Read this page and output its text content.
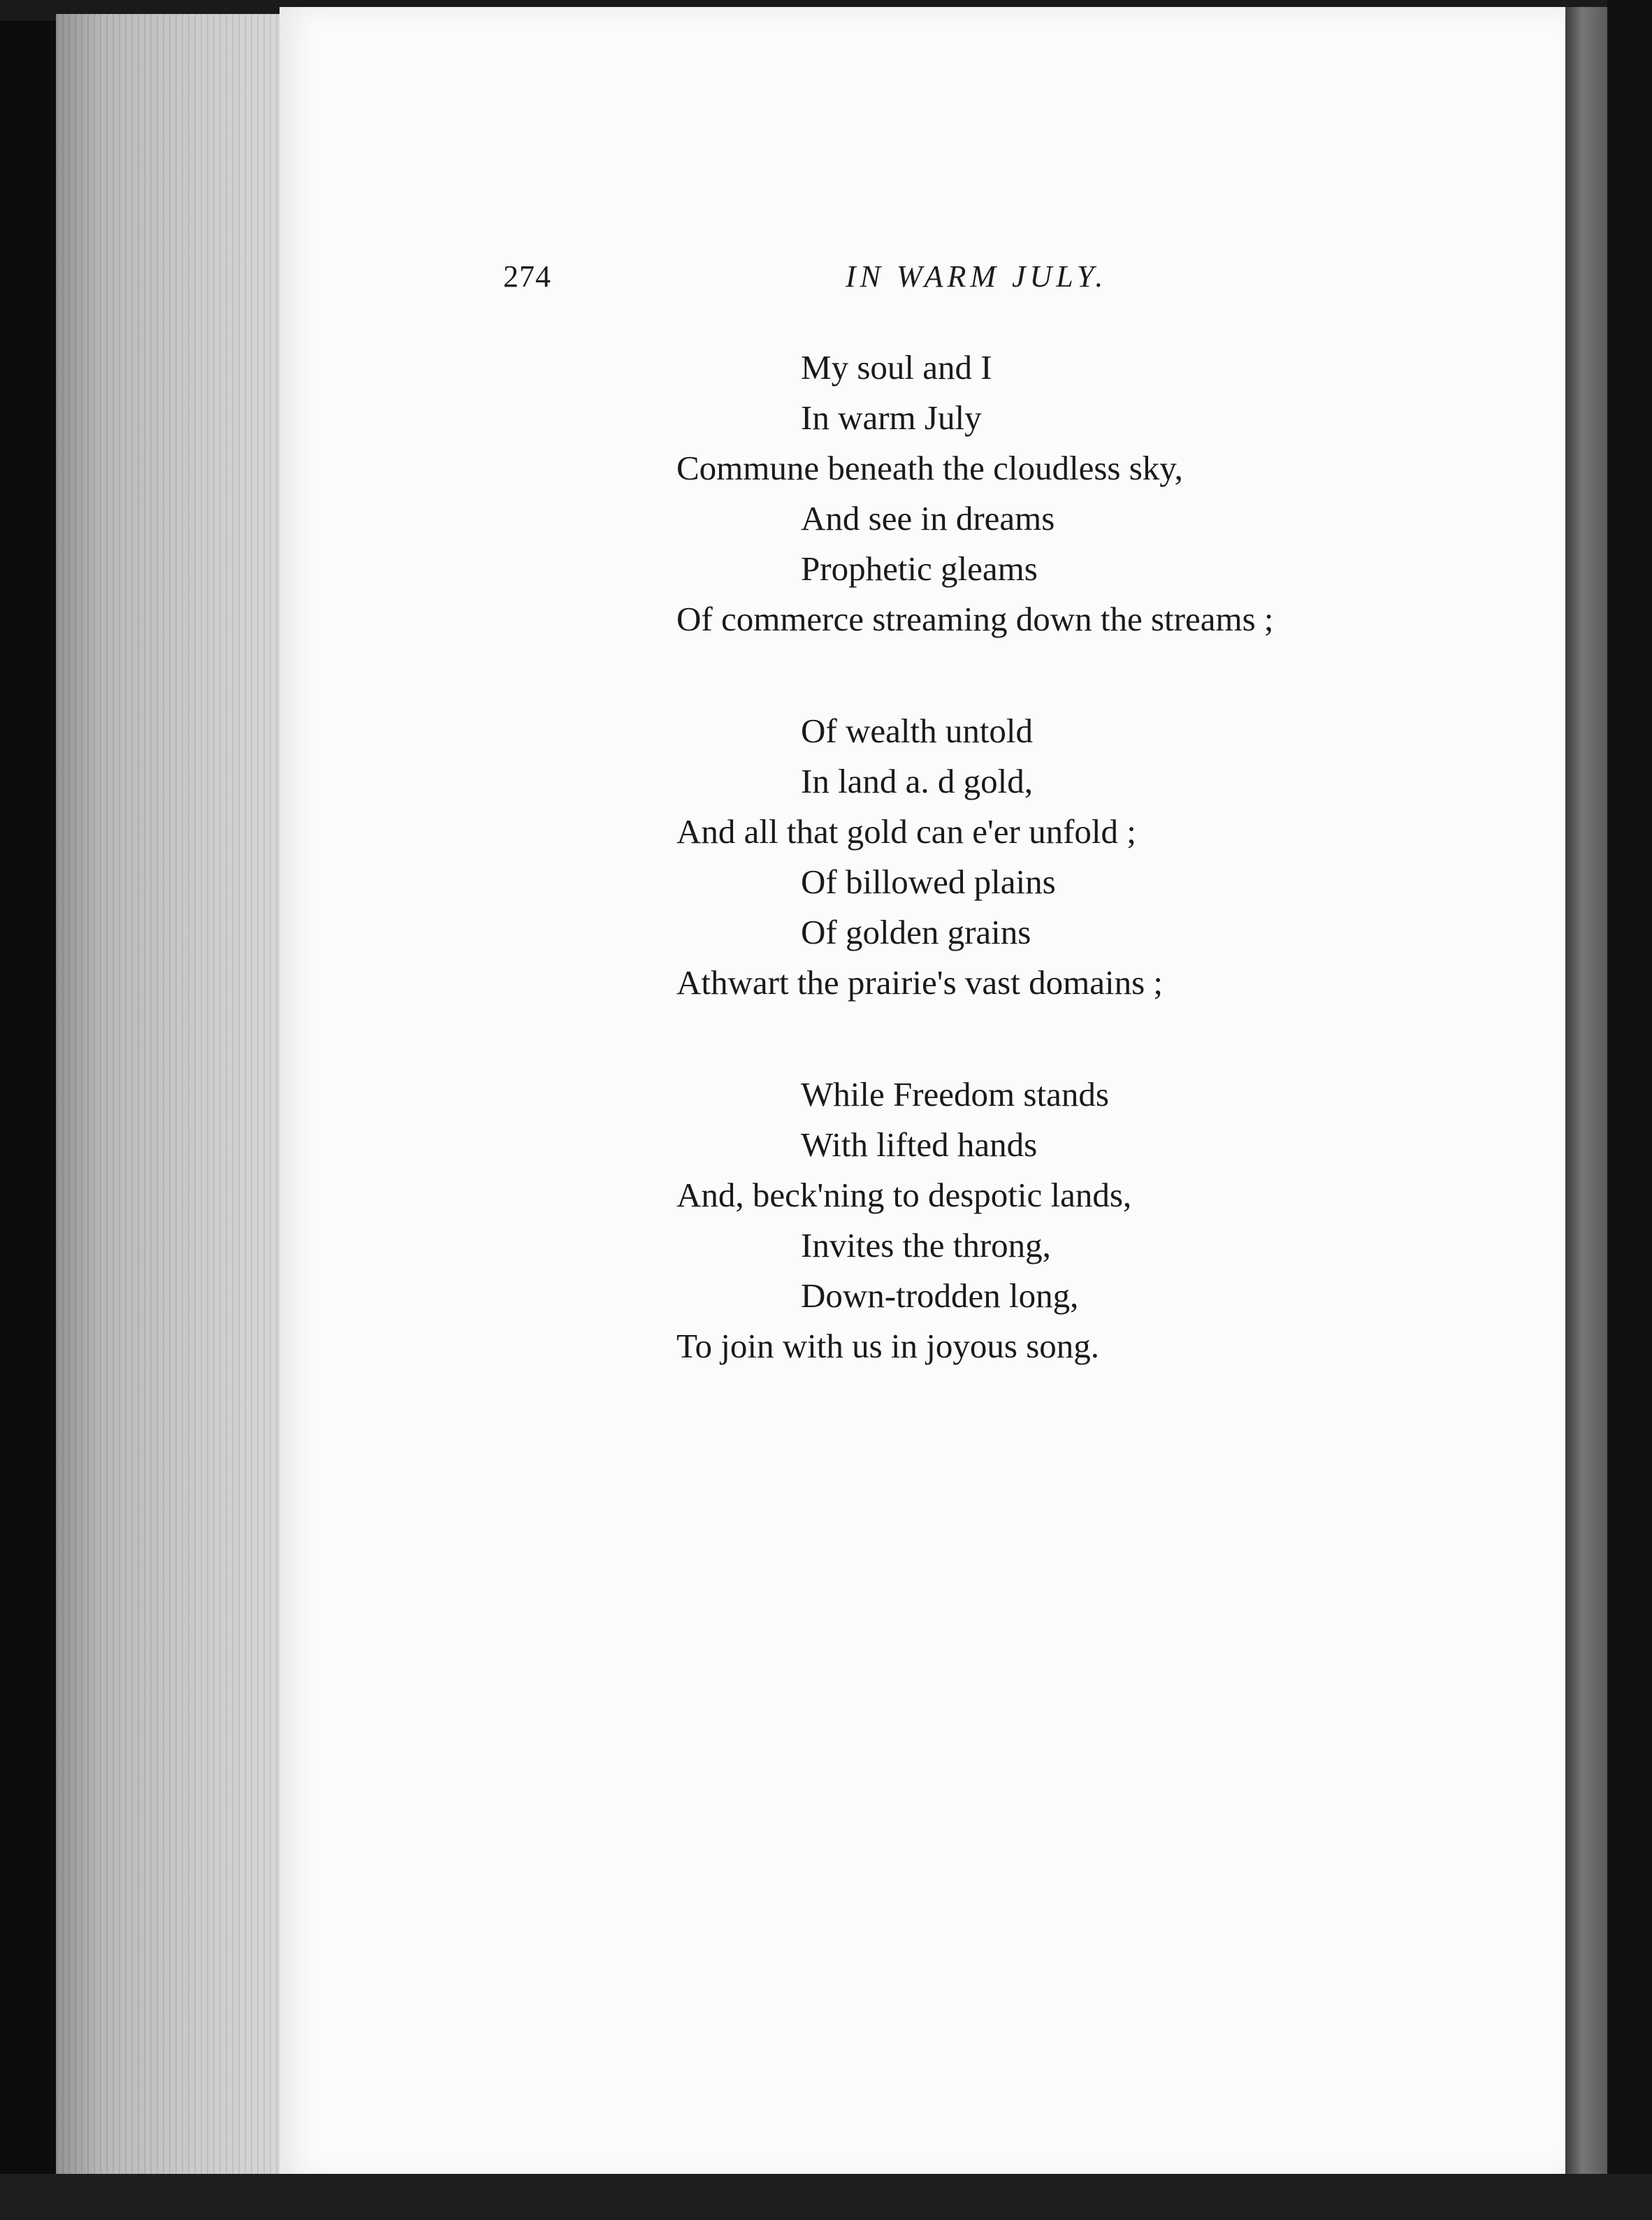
274	IN WARM JULY.
My soul and I
In warm July
Commune beneath the cloudless sky,
And see in dreams
Prophetic gleams
Of commerce streaming down the streams ;
Of wealth untold
In land a. d gold,
And all that gold can e'er unfold ;
Of billowed plains
Of golden grains
Athwart the prairie's vast domains ;
While Freedom stands
With lifted hands
And, beck'ning to despotic lands,
Invites the throng,
Down-trodden long,
To join with us in joyous song.
